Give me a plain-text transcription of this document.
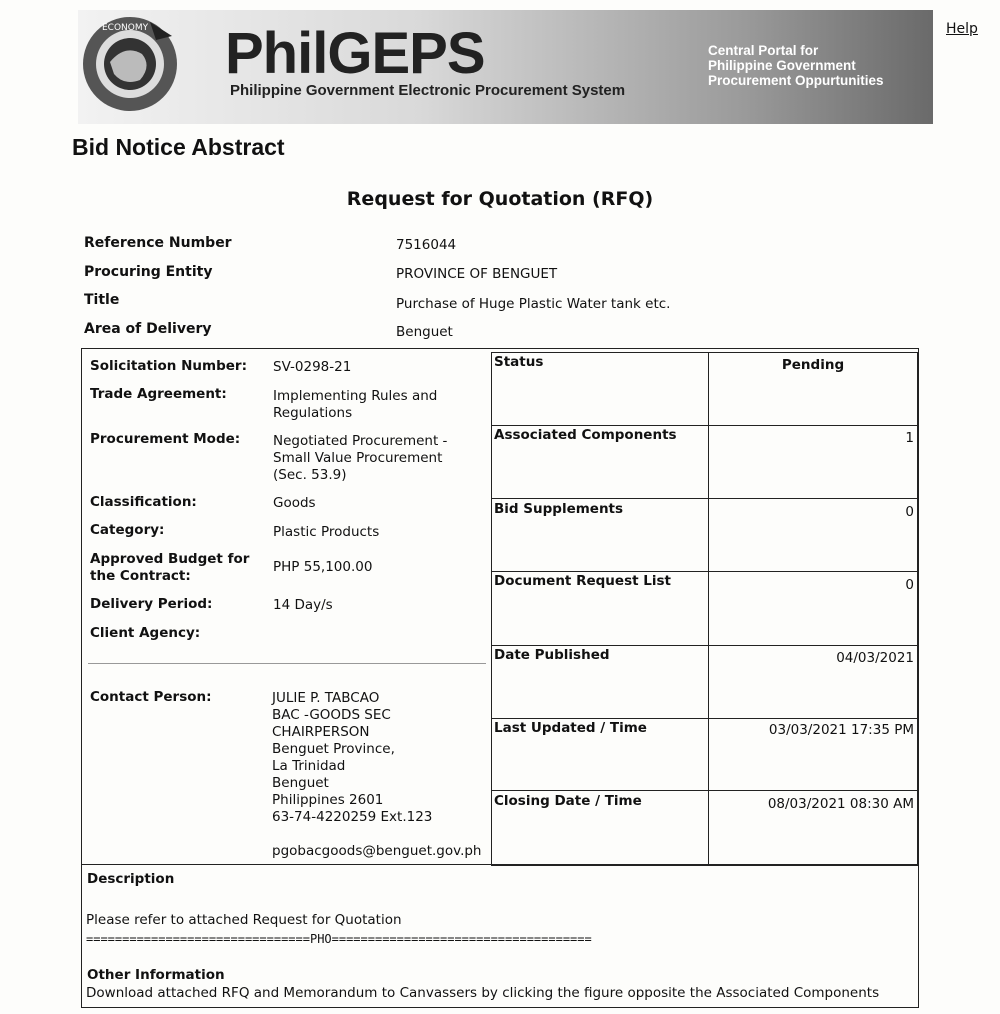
ECONOMY PhilGEPS
Philippine Government Electronic Procurement System
Central Portal for
Philippine Government
Procurement Oppurtunities
Help
Bid Notice Abstract
Request for Quotation (RFQ)
Reference Number	7516044
Procuring Entity	PROVINCE OF BENGUET
Title	Purchase of Huge Plastic Water tank etc.
Area of Delivery	Benguet
Solicitation Number: SV-0298-21
Trade Agreement:	Implementing Rules and
Regulations
Procurement Mode: Negotiated Procurement -
Small Value Procurement
(Sec. 53.9)
Classification:	Goods
Category:	Plastic Products
Approved Budget for
the Contract:
PHP 55,100.00
Delivery Period:	14 Day/s
Client Agency:
Contact Person:	JULIE P. TABCAO
BAC -GOODS SEC
CHAIRPERSON
Benguet Province,
La Trinidad
Benguet
Philippines 2601
63-74-4220259 Ext.123
pgobacgoods@benguet.gov.ph
Status	Pending
Associated Components	1
Bid Supplements	0
Document Request List	0
Date Published	04/03/2021
Last Updated / Time	03/03/2021 17:35 PM
Closing Date / Time	08/03/2021 08:30 AM
Description
Please refer to attached Request for Quotation
===============================PHO====================================
Other Information
Download attached RFQ and Memorandum to Canvassers by clicking the figure opposite the Associated Components
